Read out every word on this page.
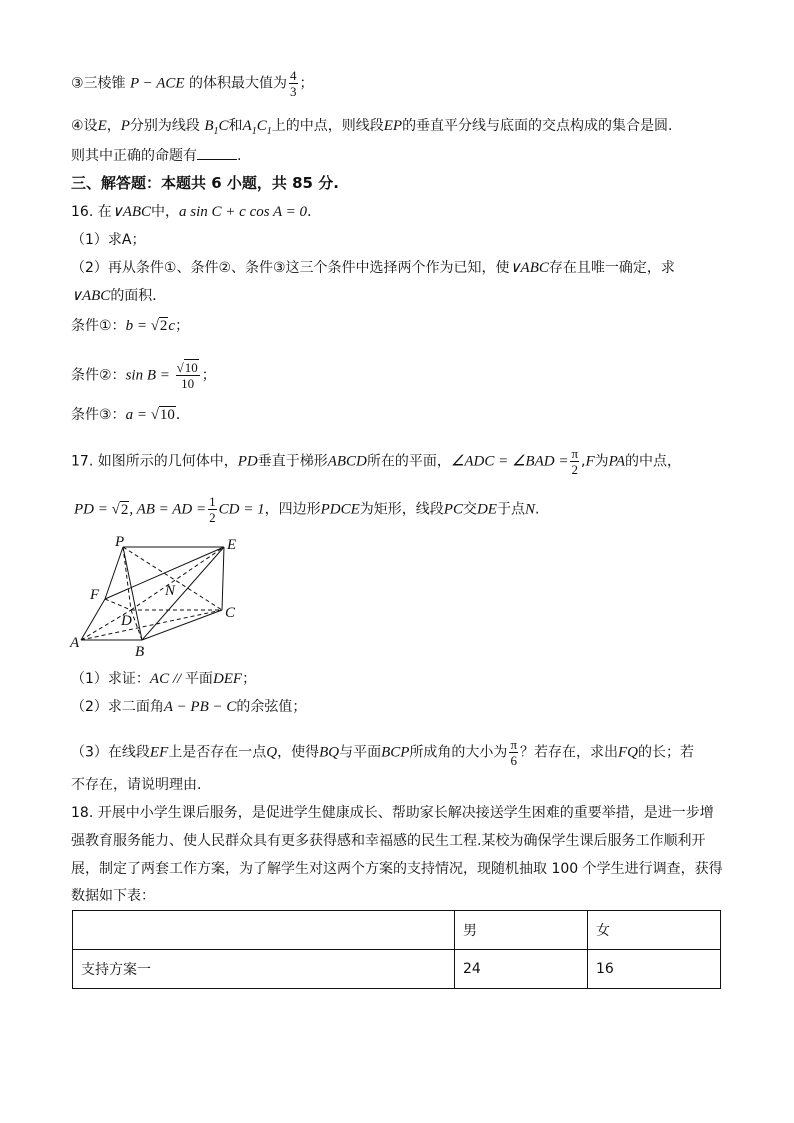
③三棱锥 P − ACE 的体积最大值为 $\frac{4}{3}$ ；
④设E，P分别为线段 $B_1C$和$A_1C_1$上的中点，则线段EP的垂直平分线与底面的交点构成的集合是圆.
则其中正确的命题有	.
三、解答题：本题共 6 小题，共 85 分.
16. 在∨ABC中，a sin C + c cos A = 0．
（1）求A；
（2）再从条件①、条件②、条件③这三个条件中选择两个作为已知，使∨ABC存在且唯一确定，求
∨ABC的面积．
条件①：b = √2c；
条件②：$\sin B = \frac{√10}{10}$ ；
条件③：a = √10．
17. 如图所示的几何体中，PD垂直于梯形ABCD所在的平面，∠ADC = ∠BAD = $\frac{\pi}{2} ,F$为PA的中点，
PD = √2, AB = AD = $\frac{1}{2}$ CD = 1，四边形PDCE为矩形，线段PC交DE于点N.
P	E
F	N
D	C
A
B
（1）求证：AC // 平面DEF；
（2）求二面角A − PB − C的余弦值；
（3）在线段EF上是否存在一点Q，使得BQ与平面BCP所成角的大小为 $\frac{\pi}{6}$ ？若存在，求出FQ的长；若
不存在，请说明理由.
18. 开展中小学生课后服务，是促进学生健康成长、帮助家长解决接送学生困难的重要举措，是进一步增
强教育服务能力、使人民群众具有更多获得感和幸福感的民生工程.某校为确保学生课后服务工作顺利开
展，制定了两套工作方案，为了解学生对这两个方案的支持情况，现随机抽取 100 个学生进行调查，获得
数据如下表：
	男	女
支持方案一	24	16
